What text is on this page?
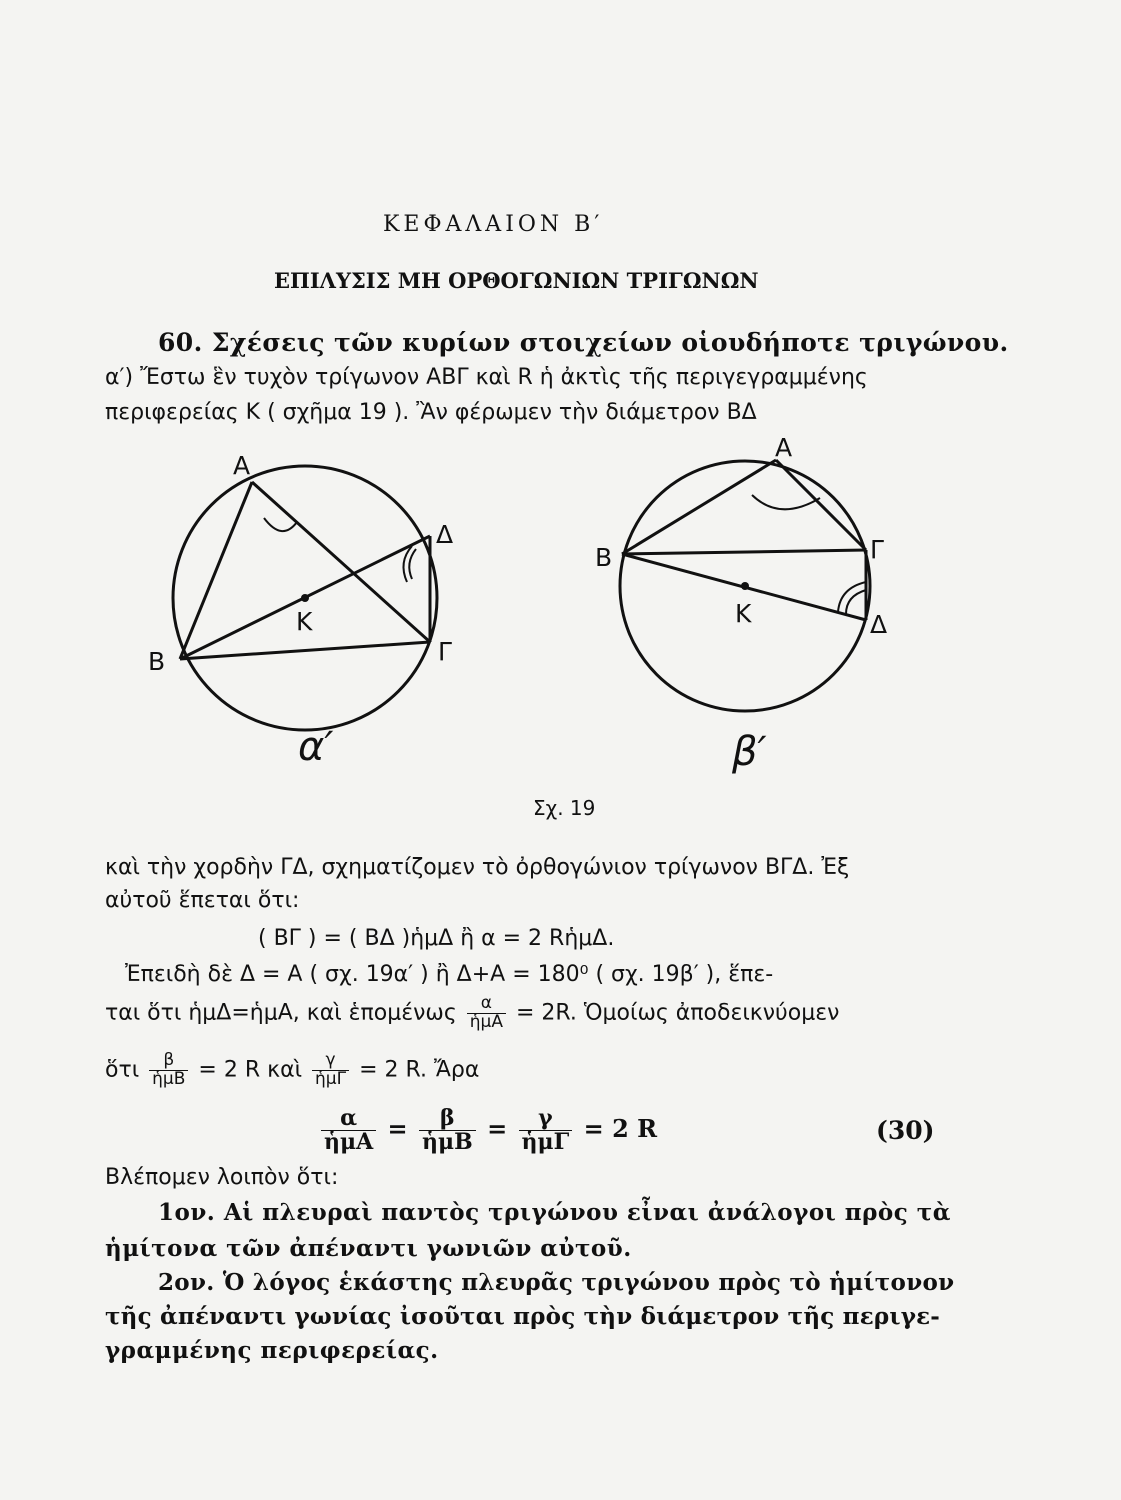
ΚΕΦΑΛΑΙΟΝ Β′
ΕΠΙΛΥΣΙΣ ΜΗ ΟΡΘΟΓΩΝΙΩΝ ΤΡΙΓΩΝΩΝ
60. Σχέσεις τῶν κυρίων στοιχείων οἱουδήποτε τριγώνου.
α′) Ἔστω ἓν τυχὸν τρίγωνον ΑΒΓ καὶ R ἡ ἀκτὶς τῆς περιγεγραμμένης
περιφερείας Κ ( σχῆμα 19 ). Ἂν φέρωμεν τὴν διάμετρον ΒΔ
Α
Δ
Κ
Β	Γ
α′
Α
Β	Γ
Κ	Δ
β′
Σχ. 19
καὶ τὴν χορδὴν ΓΔ, σχηματίζομεν τὸ ὀρθογώνιον τρίγωνον ΒΓΔ. Ἐξ
αὐτοῦ ἕπεται ὅτι:
( ΒΓ ) = ( ΒΔ )ἡμΔ ἢ α = 2 RἡμΔ.
Ἐπειδὴ δὲ Δ = Α ( σχ. 19α′ ) ἢ Δ+Α = 180⁰ ( σχ. 19β′ ), ἕπε-
ται ὅτι ἡμΔ=ἡμΑ, καὶ ἑπομένως $\frac{\alpha}{\text{ἡμΑ}} = 2R$. Ὁμοίως ἀποδεικνύομεν
ὅτι $\frac{\beta}{\text{ἡμΒ}} = 2$ R καὶ $\frac{\gamma}{\text{ἡμΓ}} = 2$ R. Ἄρα
$\frac{\alpha}{\text{ἡμΑ}} = \frac{\beta}{\text{ἡμΒ}} = \frac{\gamma}{\text{ἡμΓ}} = 2$ R	(30)
Βλέπομεν λοιπὸν ὅτι:
1ον. Αἱ πλευραὶ παντὸς τριγώνου εἶναι ἀνάλογοι πρὸς τὰ
ἡμίτονα τῶν ἀπέναντι γωνιῶν αὐτοῦ.
2ον. Ὁ λόγος ἑκάστης πλευρᾶς τριγώνου πρὸς τὸ ἡμίτονον
τῆς ἀπέναντι γωνίας ἰσοῦται πρὸς τὴν διάμετρον τῆς περιγε-
γραμμένης περιφερείας.
